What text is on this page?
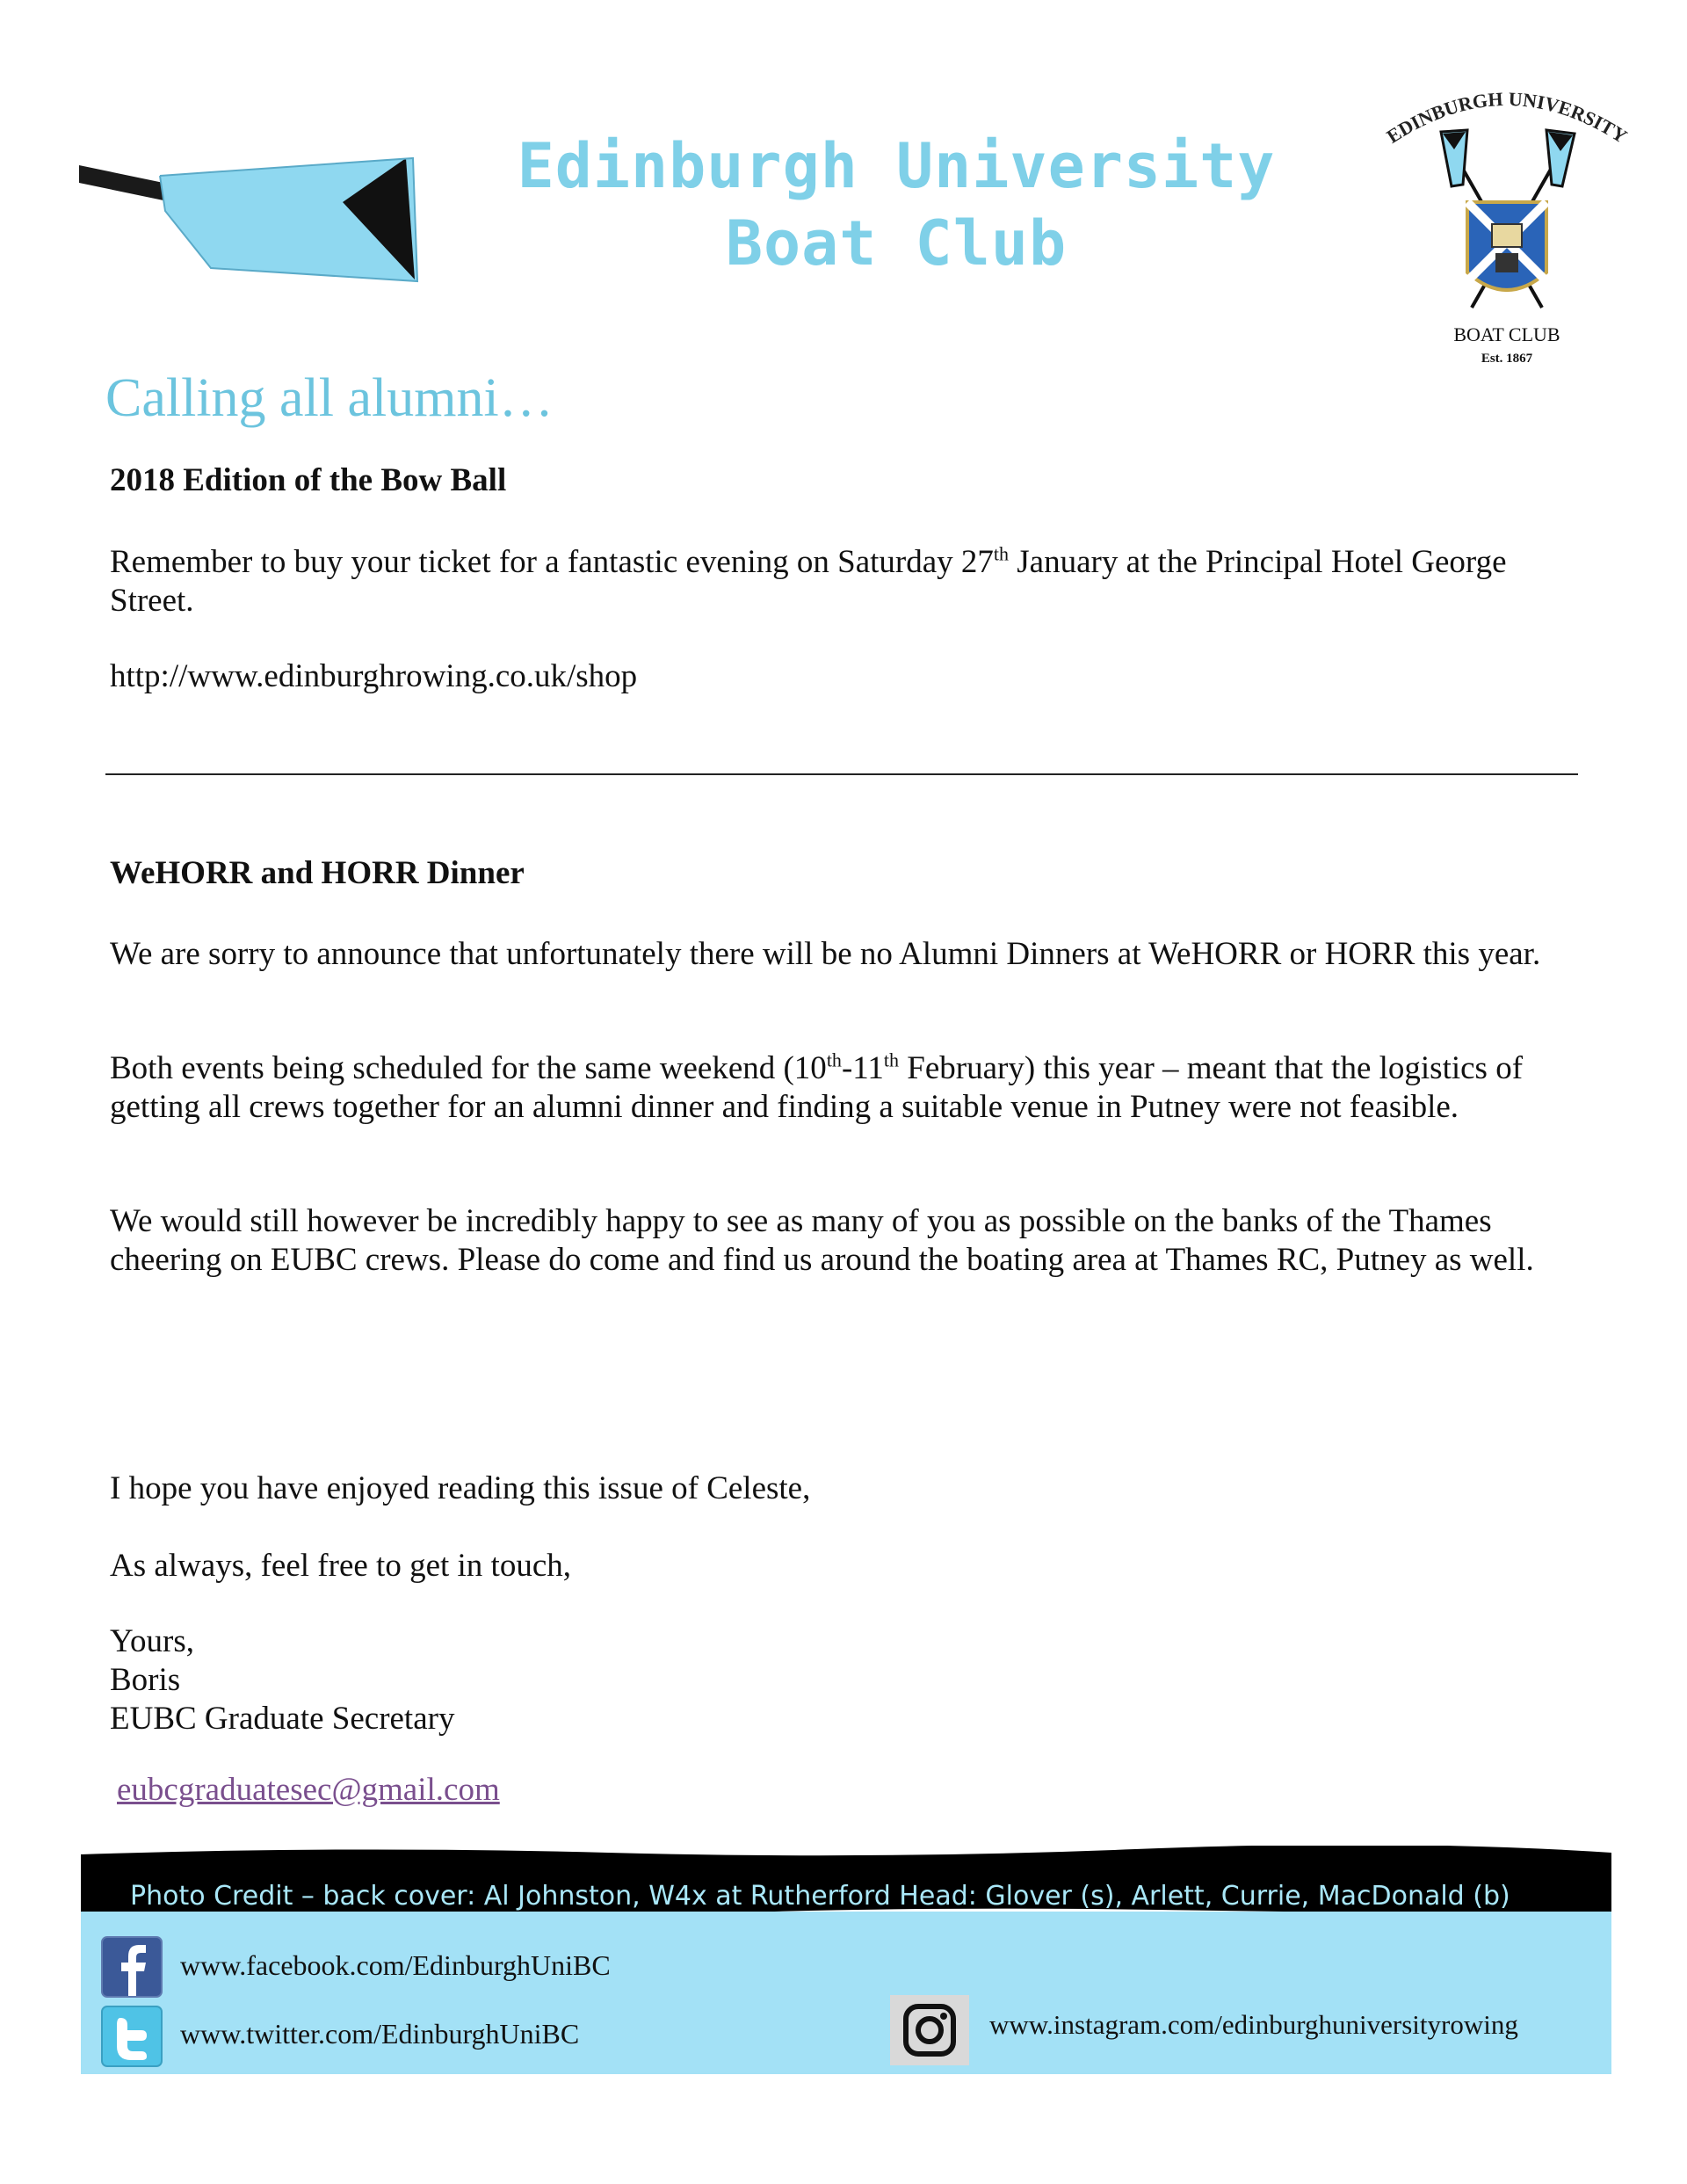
Edinburgh University
Boat Club
EDINBURGH UNIVERSITY
BOAT CLUB
Est. 1867
Calling all alumni…
2018 Edition of the Bow Ball
Remember to buy your ticket for a fantastic evening on Saturday 27th January at the Principal Hotel George Street.
http://www.edinburghrowing.co.uk/shop
WeHORR and HORR Dinner
We are sorry to announce that unfortunately there will be no Alumni Dinners at WeHORR or HORR this year.
Both events being scheduled for the same weekend (10th-11th February) this year – meant that the logistics of getting all crews together for an alumni dinner and finding a suitable venue in Putney were not feasible.
We would still however be incredibly happy to see as many of you as possible on the banks of the Thames cheering on EUBC crews. Please do come and find us around the boating area at Thames RC, Putney as well.
I hope you have enjoyed reading this issue of Celeste,
As always, feel free to get in touch,
Yours,
Boris
EUBC Graduate Secretary
eubcgraduatesec@gmail.com
Photo Credit – back cover: Al Johnston, W4x at Rutherford Head: Glover (s), Arlett, Currie, MacDonald (b)
www.facebook.com/EdinburghUniBC
www.twitter.com/EdinburghUniBC	www.instagram.com/edinburghuniversityrowing
